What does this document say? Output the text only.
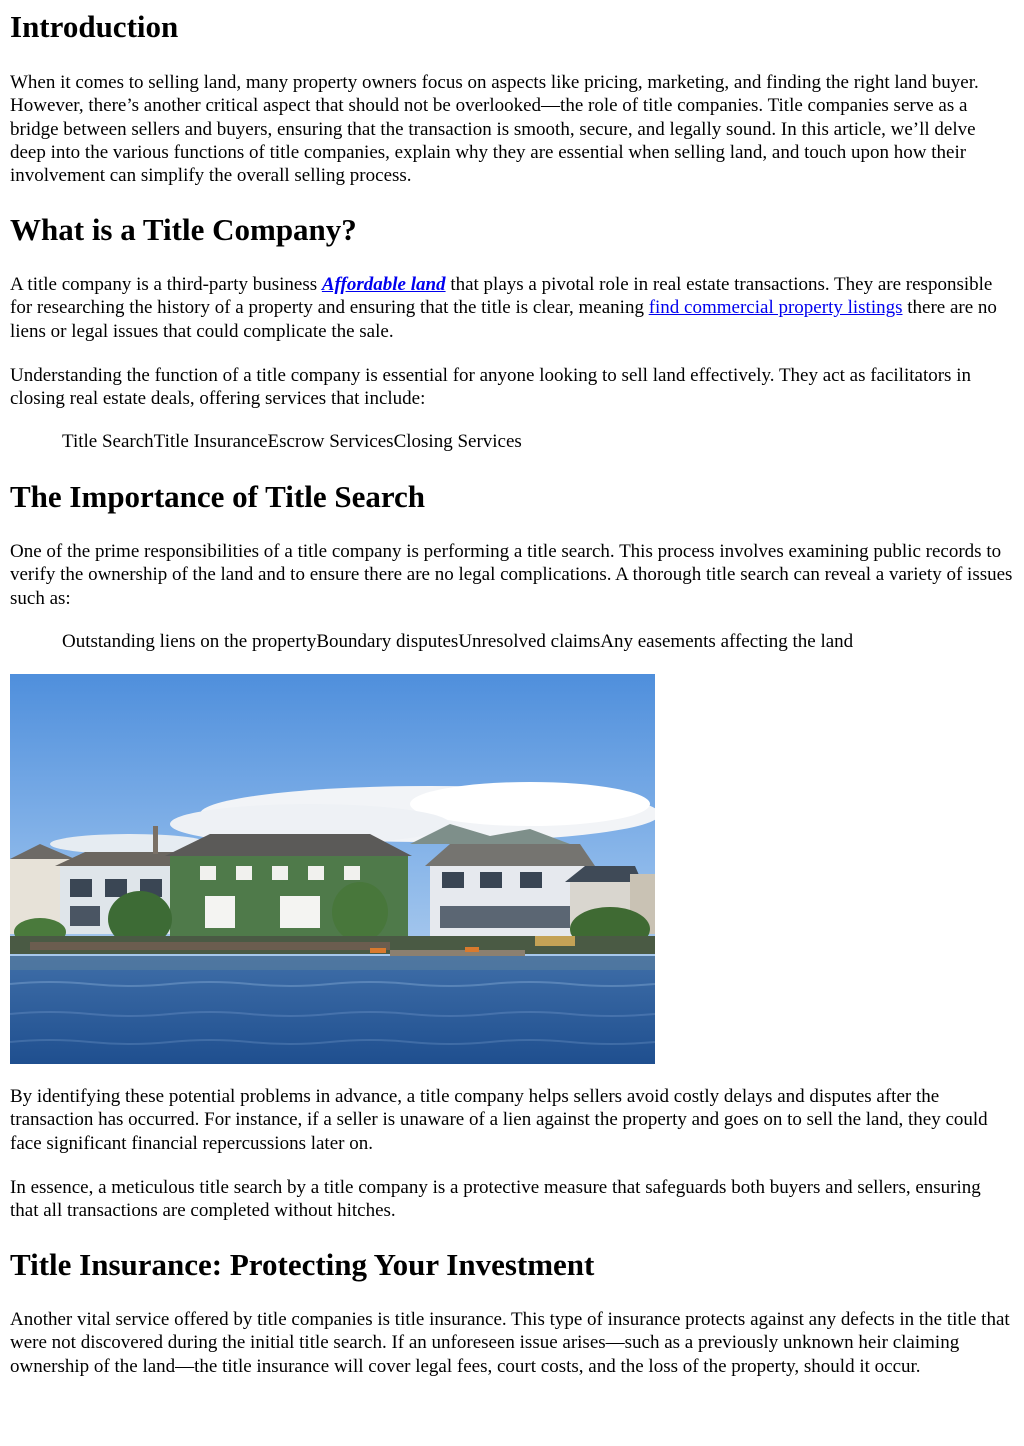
Introduction

When it comes to selling land, many property owners focus on aspects like pricing, marketing, and finding the right land buyer. However, there’s another critical aspect that should not be overlooked—the role of title companies. Title companies serve as a bridge between sellers and buyers, ensuring that the transaction is smooth, secure, and legally sound. In this article, we’ll delve deep into the various functions of title companies, explain why they are essential when selling land, and touch upon how their involvement can simplify the overall selling process.

What is a Title Company?

A title company is a third-party business Affordable land that plays a pivotal role in real estate transactions. They are responsible for researching the history of a property and ensuring that the title is clear, meaning find commercial property listings there are no liens or legal issues that could complicate the sale.

Understanding the function of a title company is essential for anyone looking to sell land effectively. They act as facilitators in closing real estate deals, offering services that include:

Title SearchTitle InsuranceEscrow ServicesClosing Services
The Importance of Title Search

One of the prime responsibilities of a title company is performing a title search. This process involves examining public records to verify the ownership of the land and to ensure there are no legal complications. A thorough title search can reveal a variety of issues such as:

Outstanding liens on the propertyBoundary disputesUnresolved claimsAny easements affecting the land

By identifying these potential problems in advance, a title company helps sellers avoid costly delays and disputes after the transaction has occurred. For instance, if a seller is unaware of a lien against the property and goes on to sell the land, they could face significant financial repercussions later on.

In essence, a meticulous title search by a title company is a protective measure that safeguards both buyers and sellers, ensuring that all transactions are completed without hitches.

Title Insurance: Protecting Your Investment

Another vital service offered by title companies is title insurance. This type of insurance protects against any defects in the title that were not discovered during the initial title search. If an unforeseen issue arises—such as a previously unknown heir claiming ownership of the land—the title insurance will cover legal fees, court costs, and the loss of the property, should it occur.
